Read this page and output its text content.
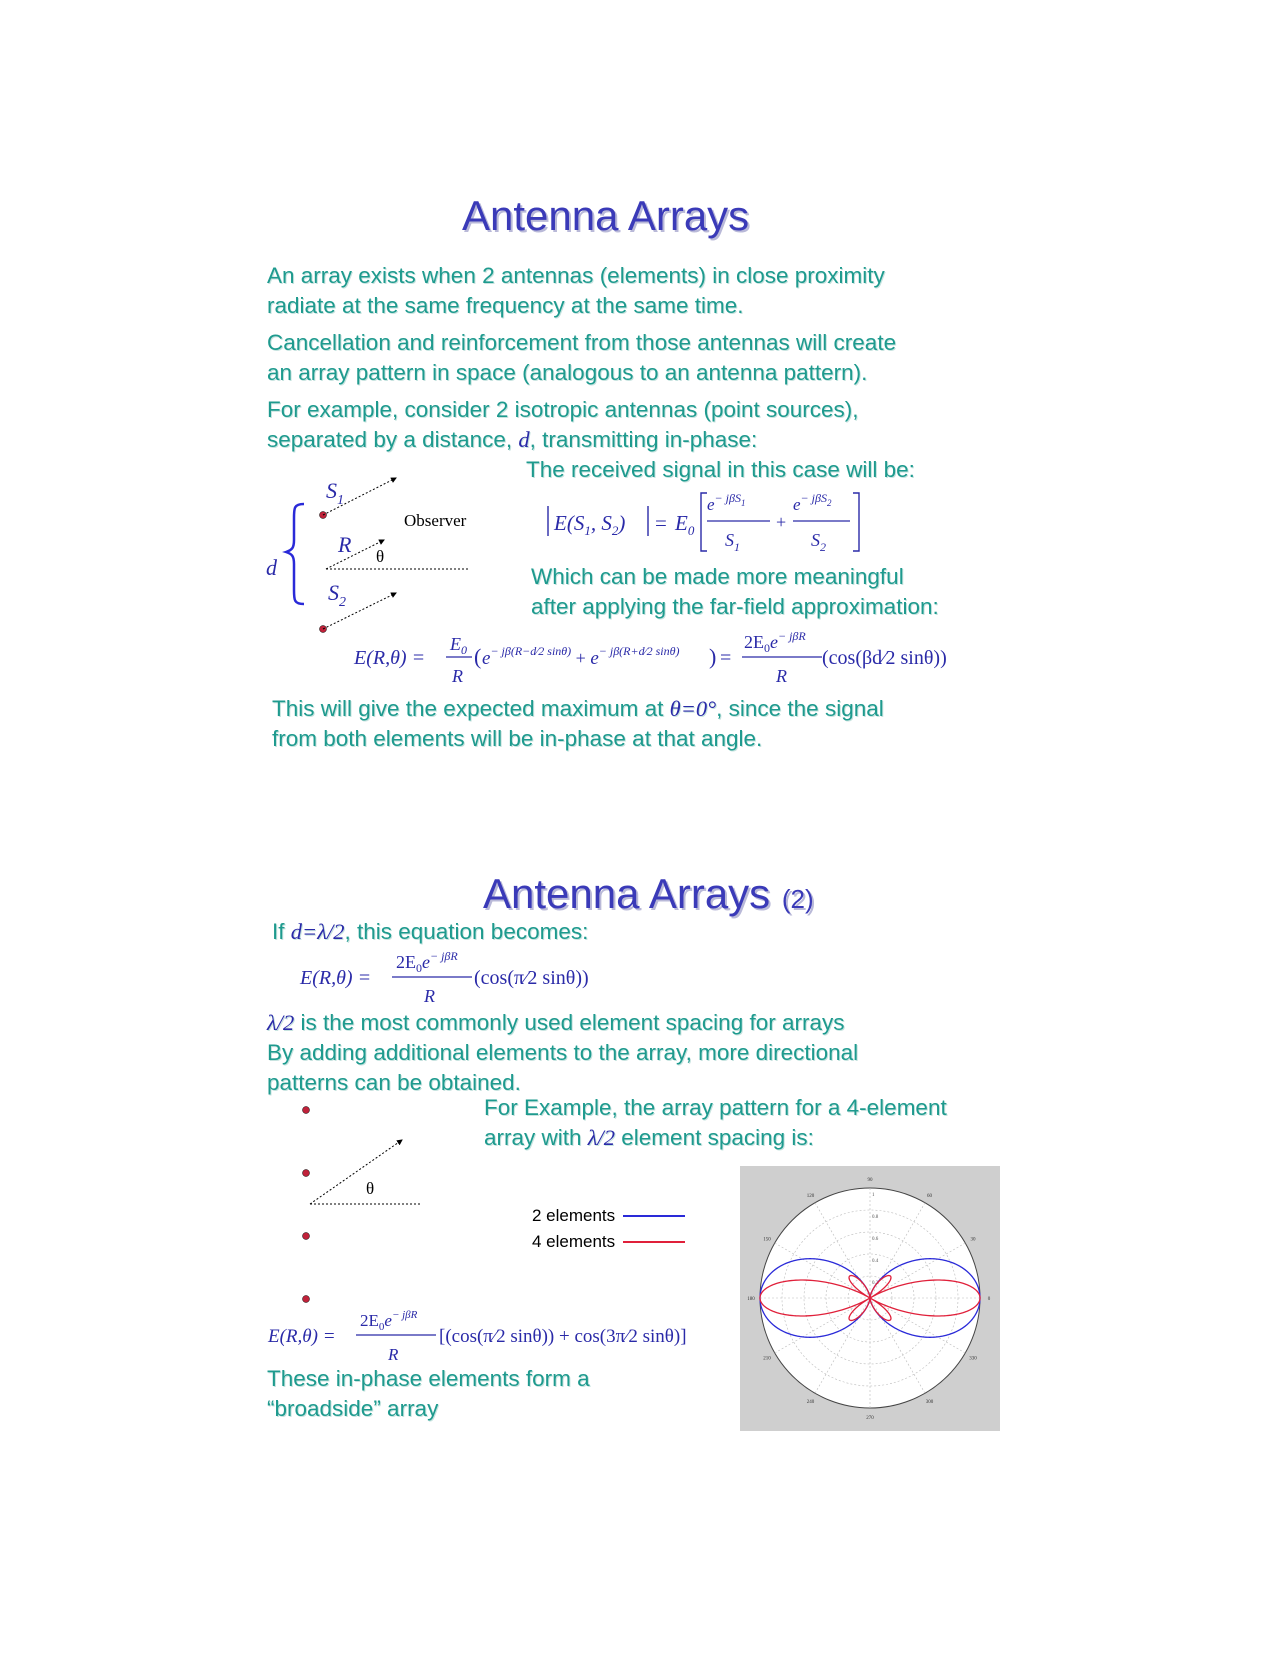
Antenna Arrays
An array exists when 2 antennas (elements) in close proximity
radiate at the same frequency at the same time.
Cancellation and reinforcement from those antennas will create
an array pattern in space (analogous to an antenna pattern).
For example, consider 2 isotropic antennas (point sources),
separated by a distance, d, transmitting in-phase:
The received signal in this case will be:
$S_1$
R θ
d
$S_2$
Observer	$E(S_1$, $S_2) = E_0$
$e^{- j\beta S}_1$
$S_1$
+
$e^{- j\beta S}_2$
$S_2$
Which can be made more meaningful
after applying the far-field approximation:
E(R,θ) =
$E_0$
R
( $e^{- j\beta(R-d⁄2 sin\theta)} + e^{- j\beta(R+d⁄2 sin\theta)}$ ) =
$2E_0e^{- j\beta R}$
R
(cos(βd⁄2 sinθ))
This will give the expected maximum at θ=0°, since the signal
from both elements will be in-phase at that angle.
Antenna Arrays (2)
If d=λ/2, this equation becomes:
E(R,θ) =
$2E_0e^{- j\beta R}$
R
(cos(π⁄2 sinθ))
λ/2 is the most commonly used element spacing for arrays
By adding additional elements to the array, more directional
patterns can be obtained.
For Example, the array pattern for a 4-element
array with λ/2 element spacing is:
θ
2 elements
4 elements
0.2
0.4
0.6
0.8
1
90
60
30
0
330
300
270
240
210
180
150
120
E(R,θ) =
$2E_0e^{- j\beta R}$
R
[(cos(π⁄2 sinθ)) + cos(3π⁄2 sinθ)]
These in-phase elements form a
“broadside” array
